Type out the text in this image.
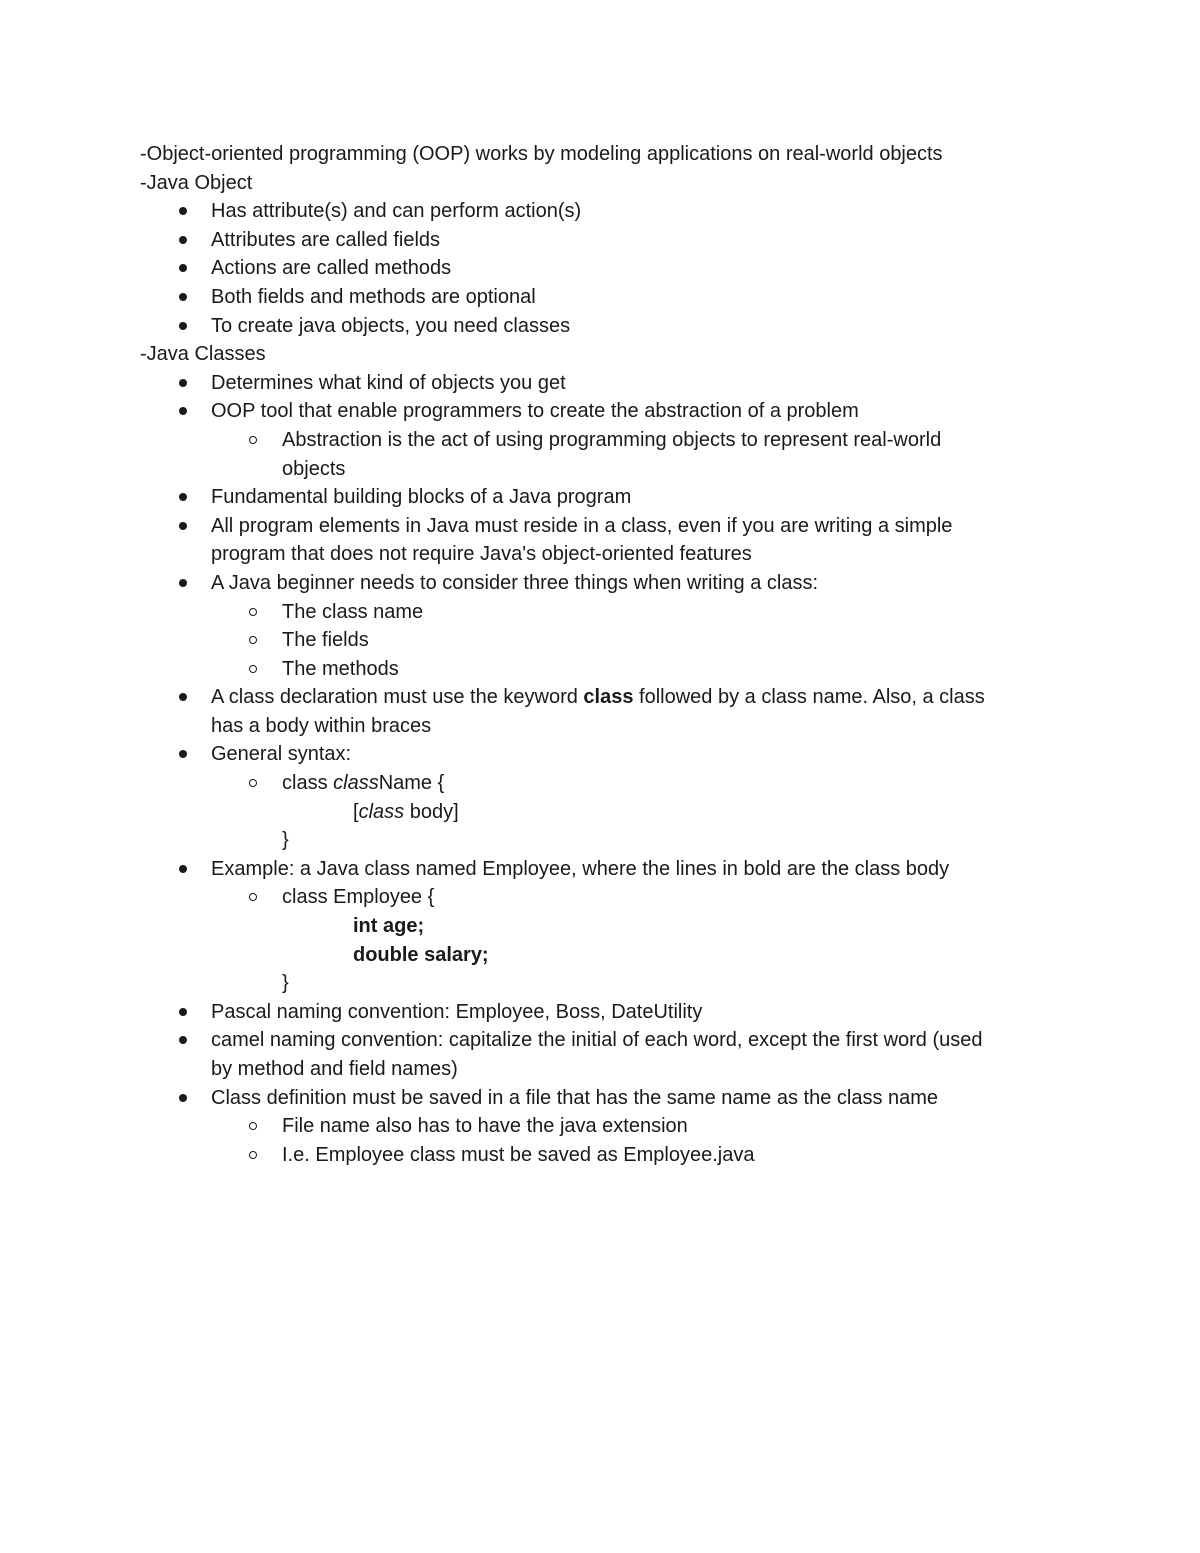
-Object-oriented programming (OOP) works by modeling applications on real-world objects
-Java Object
Has attribute(s) and can perform action(s)
Attributes are called fields
Actions are called methods
Both fields and methods are optional
To create java objects, you need classes
-Java Classes
Determines what kind of objects you get
OOP tool that enable programmers to create the abstraction of a problem
Abstraction is the act of using programming objects to represent real-world
objects
Fundamental building blocks of a Java program
All program elements in Java must reside in a class, even if you are writing a simple
program that does not require Java's object-oriented features
A Java beginner needs to consider three things when writing a class:
The class name
The fields
The methods
A class declaration must use the keyword class followed by a class name. Also, a class
has a body within braces
General syntax:
class className {
[class body]
}
Example: a Java class named Employee, where the lines in bold are the class body
class Employee {
int age;
double salary;
}
Pascal naming convention: Employee, Boss, DateUtility
camel naming convention: capitalize the initial of each word, except the first word (used
by method and field names)
Class definition must be saved in a file that has the same name as the class name
File name also has to have the java extension
I.e. Employee class must be saved as Employee.java
